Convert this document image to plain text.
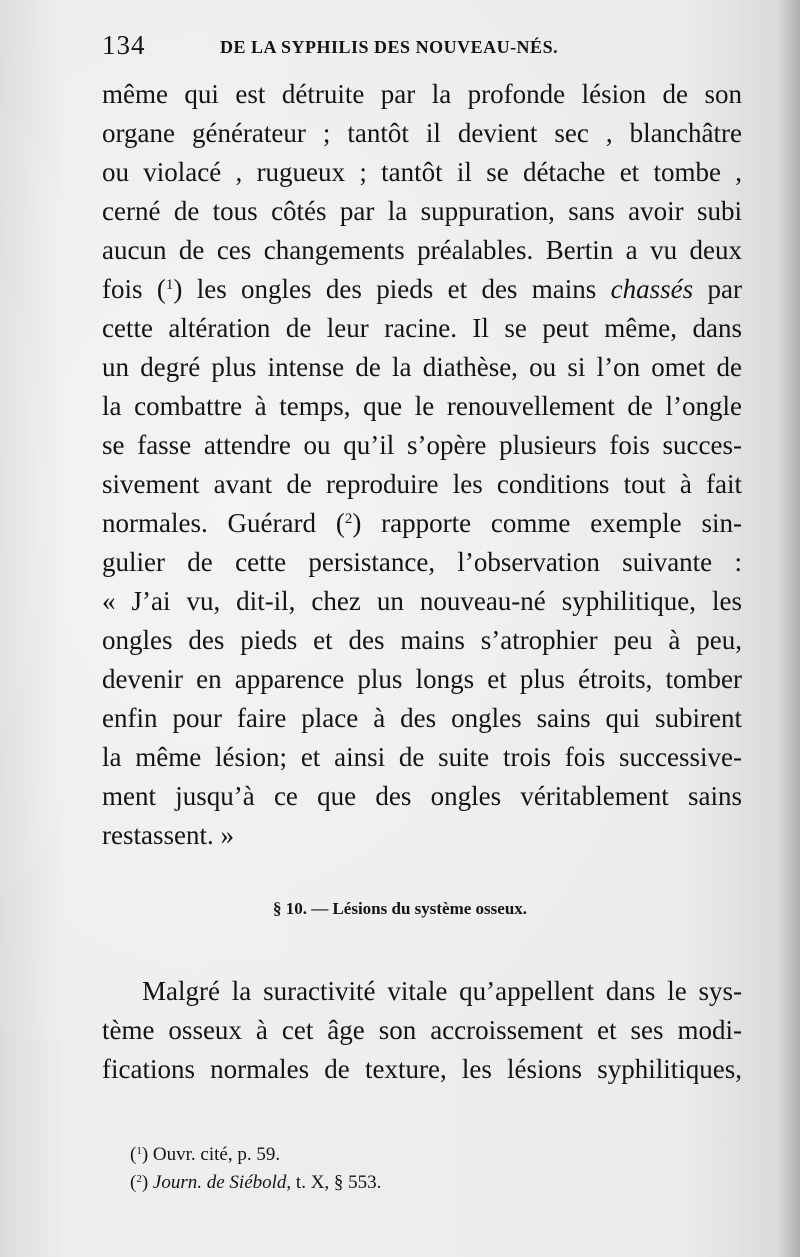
134	DE LA SYPHILIS DES NOUVEAU-NÉS.
même qui est détruite par la profonde lésion de son
organe générateur ; tantôt il devient sec , blanchâtre
ou violacé , rugueux ; tantôt il se détache et tombe ,
cerné de tous côtés par la suppuration, sans avoir subi
aucun de ces changements préalables. Bertin a vu deux
fois ($^1$) les ongles des pieds et des mains chassés par
cette altération de leur racine. Il se peut même, dans
un degré plus intense de la diathèse, ou si l’on omet de
la combattre à temps, que le renouvellement de l’ongle
se fasse attendre ou qu’il s’opère plusieurs fois succes-
sivement avant de reproduire les conditions tout à fait
normales. Guérard ($^2$) rapporte comme exemple sin-
gulier de cette persistance, l’observation suivante :
« J’ai vu, dit-il, chez un nouveau-né syphilitique, les
ongles des pieds et des mains s’atrophier peu à peu,
devenir en apparence plus longs et plus étroits, tomber
enfin pour faire place à des ongles sains qui subirent
la même lésion; et ainsi de suite trois fois successive-
ment jusqu’à ce que des ongles véritablement sains
restassent. »
§ 10. — Lésions du système osseux.
Malgré la suractivité vitale qu’appellent dans le sys-
tème osseux à cet âge son accroissement et ses modi-
fications normales de texture, les lésions syphilitiques,
($^1$) Ouvr. cité, p. 59.
($^2$) Journ. de Siébold, t. X, § 553.
